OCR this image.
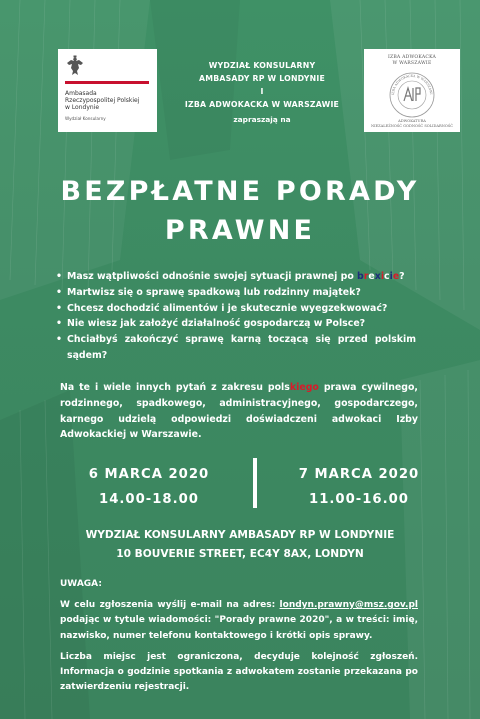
Ambasada
Rzeczypospolitej Polskiej
w Londynie
Wydział Konsularny
IZBA ADWOKACKA
W WARSZAWIE
IZBA ADWOKACKA W WARSZAWI
ADWOKATURA
NIEZALEŻNOŚĆ GODNOŚĆ SOLIDARNOŚĆ
WYDZIAŁ KONSULARNY
AMBASADY RP W LONDYNIE
I
IZBA ADWOKACKA W WARSZAWIE
zapraszają na
BEZPŁATNE PORADY
PRAWNE
• Masz wątpliwości odnośnie swojej sytuacji prawnej po brexicie?
• Martwisz się o sprawę spadkową lub rodzinny majątek?
• Chcesz dochodzić alimentów i je skutecznie wyegzekwować?
• Nie wiesz jak założyć działalność gospodarczą w Polsce?
• Chciałbyś zakończyć sprawę karną toczącą się przed polskim sądem?
Na te i wiele innych pytań z zakresu polskiego prawa cywilnego, rodzinnego, spadkowego, administracyjnego, gospodarczego, karnego udzielą odpowiedzi doświadczeni adwokaci Izby Adwokackiej w Warszawie.
6 MARCA 2020
14.00-18.00
7 MARCA 2020
11.00-16.00
WYDZIAŁ KONSULARNY AMBASADY RP W LONDYNIE
10 BOUVERIE STREET, EC4Y 8AX, LONDYN

UWAGA:

W celu zgłoszenia wyślij e-mail na adres: londyn.prawny@msz.gov.pl podając w tytule wiadomości: "Porady prawne 2020", a w treści: imię, nazwisko, numer telefonu kontaktowego i krótki opis sprawy.

Liczba miejsc jest ograniczona, decyduje kolejność zgłoszeń. Informacja o godzinie spotkania z adwokatem zostanie przekazana po zatwierdzeniu rejestracji.
